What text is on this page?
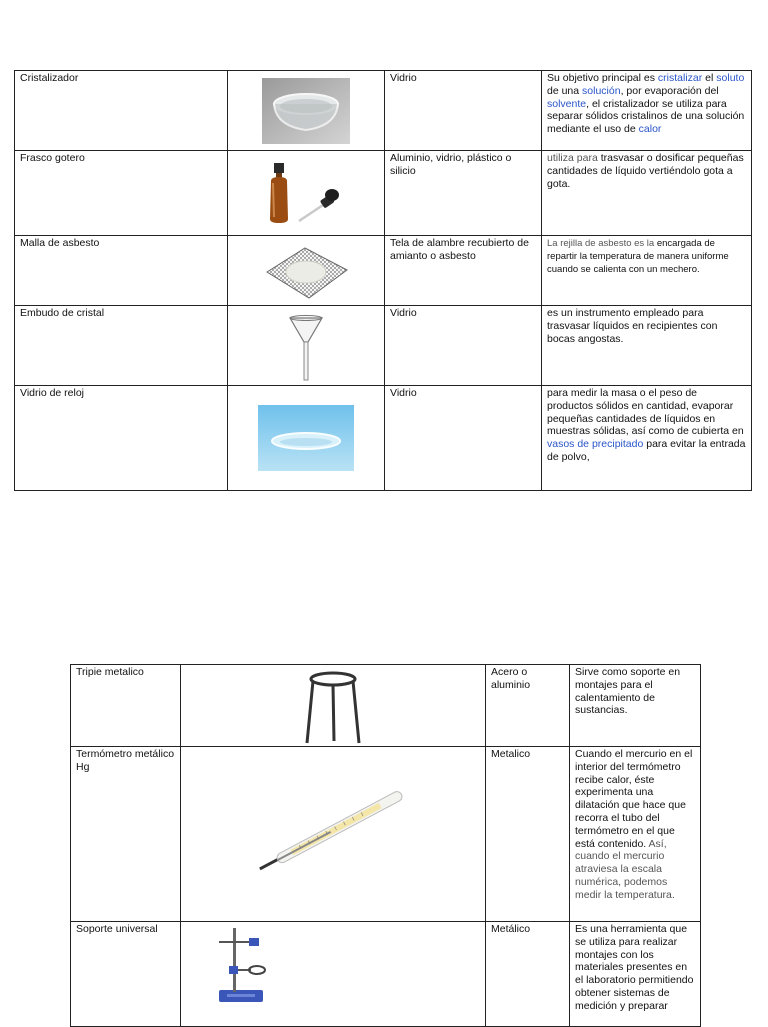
Cristalizador		Vidrio	Su objetivo principal es cristalizar el soluto de una solución, por evaporación del solvente, el cristalizador se utiliza para separar sólidos cristalinos de una solución mediante el uso de calor
Frasco gotero		Aluminio, vidrio, plástico o silicio	utiliza para trasvasar o dosificar pequeñas cantidades de líquido vertiéndolo gota a gota.
Malla de asbesto		Tela de alambre recubierto de amianto o asbesto	La rejilla de asbesto es la encargada de repartir la temperatura de manera uniforme cuando se calienta con un mechero.
Embudo de cristal		Vidrio	es un instrumento empleado para trasvasar líquidos en recipientes con bocas angostas.
Vidrio de reloj		Vidrio	para medir la masa o el peso de productos sólidos en cantidad, evaporar pequeñas cantidades de líquidos en muestras sólidas, así como de cubierta en vasos de precipitado para evitar la entrada de polvo,
Tripie metalico		Acero o aluminio	Sirve como soporte en montajes para el calentamiento de sustancias.
Termómetro metálico Hg		Metalico	Cuando el mercurio en el interior del termómetro recibe calor, éste experimenta una dilatación que hace que recorra el tubo del termómetro en el que está contenido. Así, cuando el mercurio atraviesa la escala numérica, podemos medir la temperatura.
Soporte universal		Metálico	Es una herramienta que se utiliza para realizar montajes con los materiales presentes en el laboratorio permitiendo obtener sistemas de medición y preparar
